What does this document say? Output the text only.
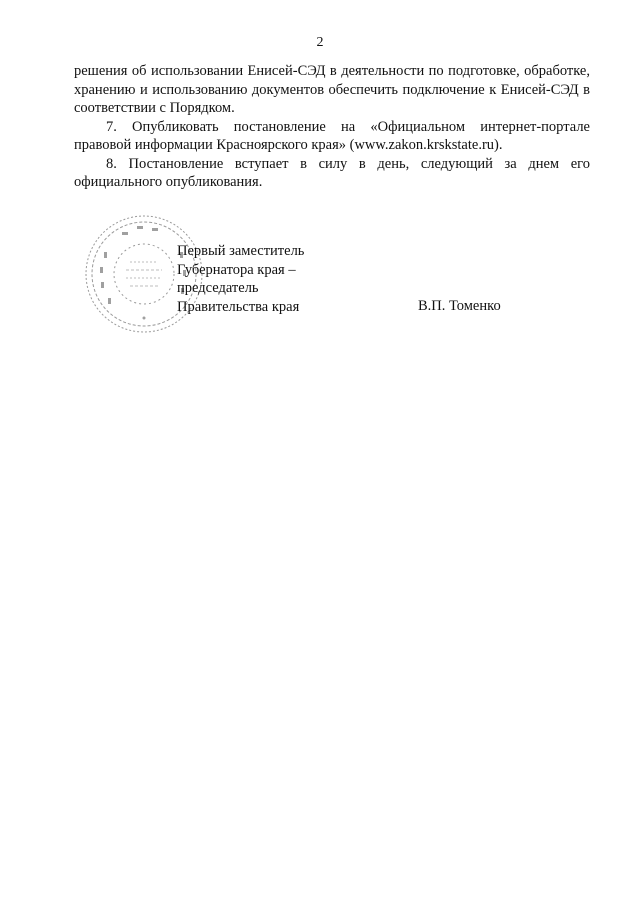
2

решения об использовании Енисей-СЭД в деятельности по подготовке, обработке, хранению и использованию документов обеспечить подключение к Енисей-СЭД в соответствии с Порядком.

7. Опубликовать постановление на «Официальном интернет-портале правовой информации Красноярского края» (www.zakon.krskstate.ru).

8. Постановление вступает в силу в день, следующий за днем его официального опубликования.

Первый заместитель
Губернатора края –
председатель
Правительства края	В.П. Томенко
